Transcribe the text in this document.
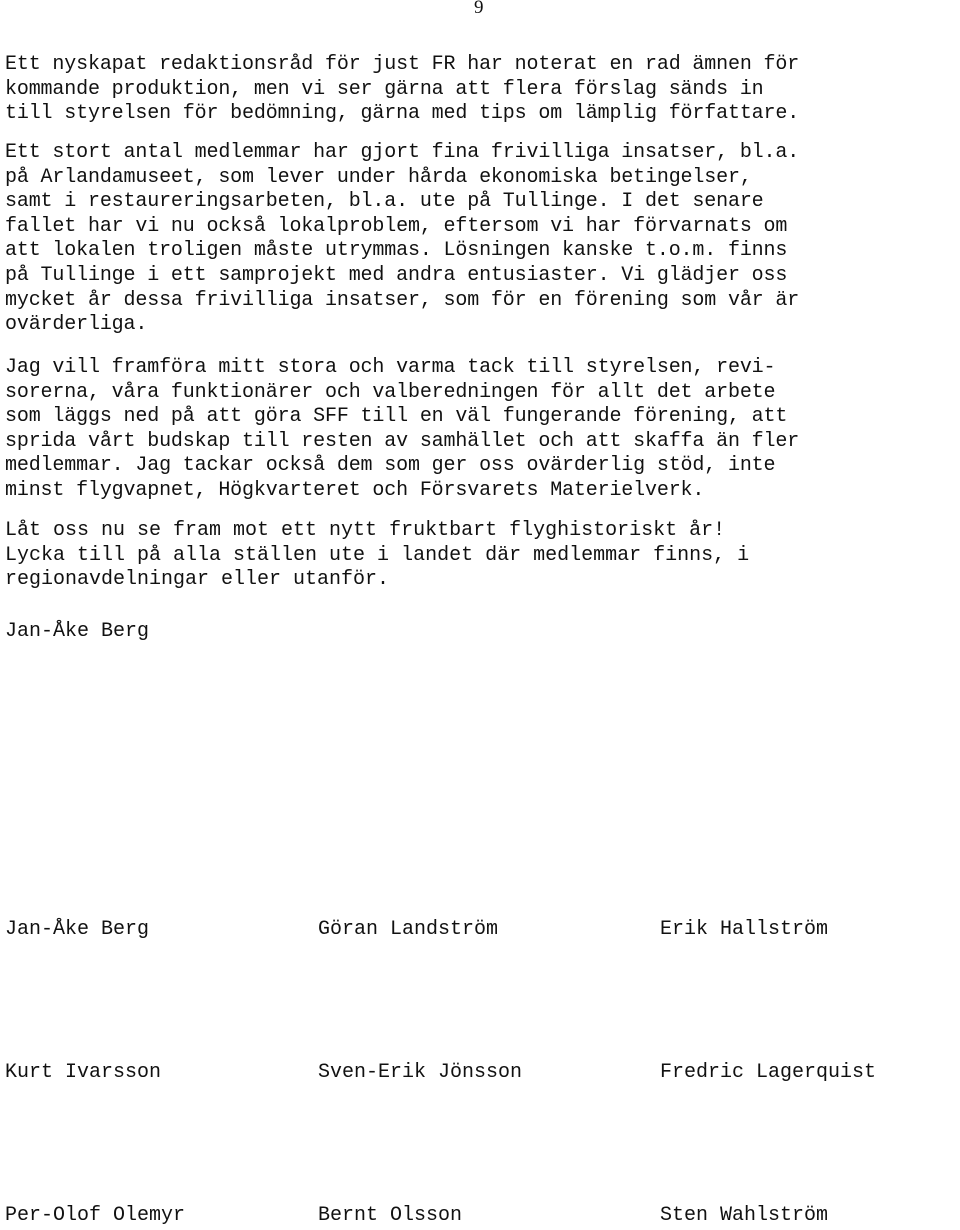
9

Ett nyskapat redaktionsråd för just FR har noterat en rad ämnen för
kommande produktion, men vi ser gärna att flera förslag sänds in
till styrelsen för bedömning, gärna med tips om lämplig författare.

Ett stort antal medlemmar har gjort fina frivilliga insatser, bl.a.
på Arlandamuseet, som lever under hårda ekonomiska betingelser,
samt i restaureringsarbeten, bl.a. ute på Tullinge. I det senare
fallet har vi nu också lokalproblem, eftersom vi har förvarnats om
att lokalen troligen måste utrymmas. Lösningen kanske t.o.m. finns
på Tullinge i ett samprojekt med andra entusiaster. Vi glädjer oss
mycket år dessa frivilliga insatser, som för en förening som vår är
ovärderliga.

Jag vill framföra mitt stora och varma tack till styrelsen, revi-
sorerna, våra funktionärer och valberedningen för allt det arbete
som läggs ned på att göra SFF till en väl fungerande förening, att
sprida vårt budskap till resten av samhället och att skaffa än fler
medlemmar. Jag tackar också dem som ger oss ovärderlig stöd, inte
minst flygvapnet, Högkvarteret och Försvarets Materielverk.

Låt oss nu se fram mot ett nytt fruktbart flyghistoriskt år!
Lycka till på alla ställen ute i landet där medlemmar finns, i
regionavdelningar eller utanför.

Jan-Åke Berg

Jan-Åke Berg	Göran Landström	Erik Hallström
Kurt Ivarsson	Sven-Erik Jönsson	Fredric Lagerquist
Per-Olof Olemyr	Bernt Olsson	Sten Wahlström
